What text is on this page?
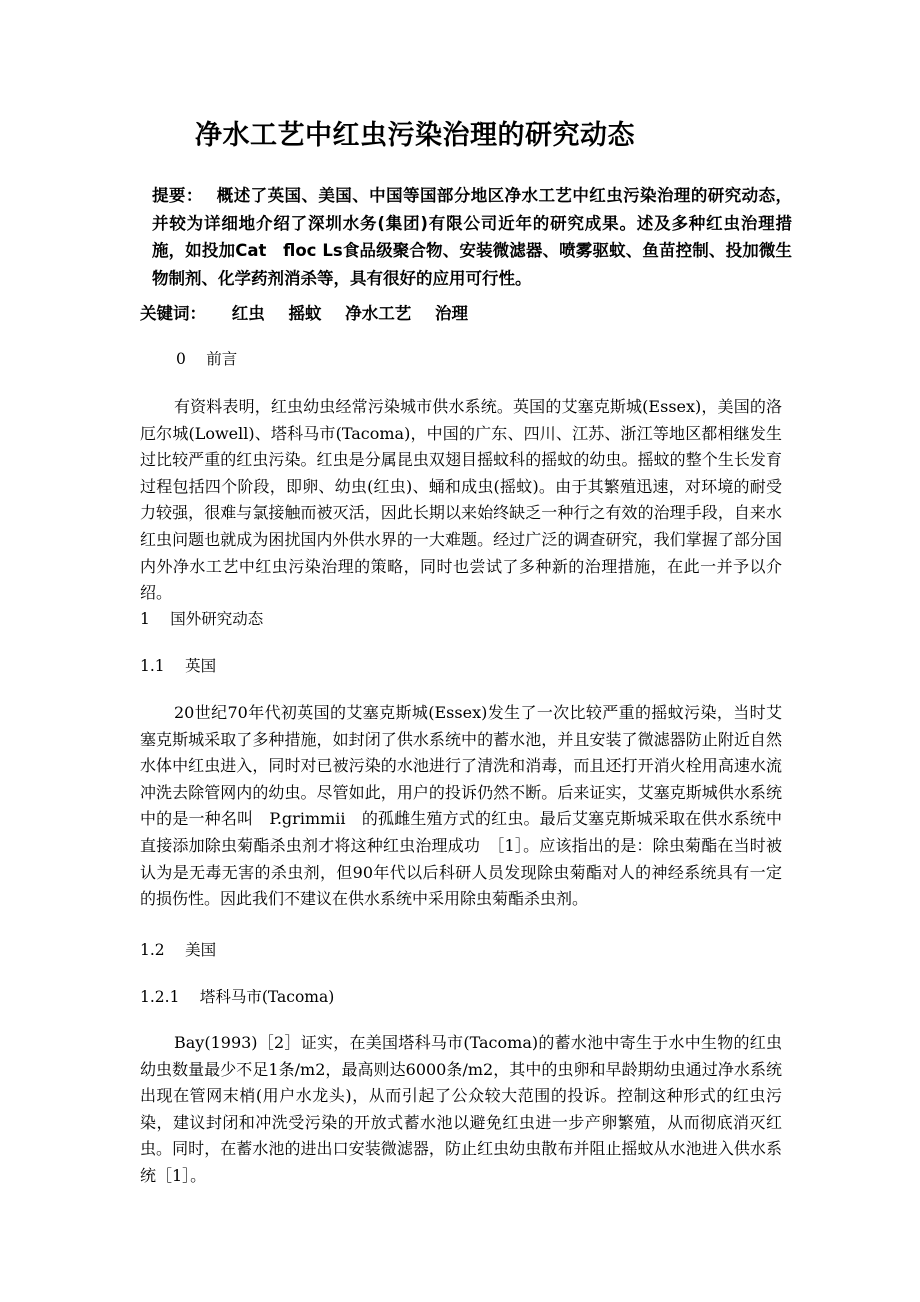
净水工艺中红虫污染治理的研究动态
提要： 概述了英国、美国、中国等国部分地区净水工艺中红虫污染治理的研究动态，并较为详细地介绍了深圳水务(集团)有限公司近年的研究成果。述及多种红虫治理措施，如投加Cat　floc Ls食品级聚合物、安装微滤器、喷雾驱蚊、鱼苗控制、投加微生物制剂、化学药剂消杀等，具有很好的应用可行性。
关键词： 红虫 摇蚊 净水工艺 治理
0　 前言
有资料表明，红虫幼虫经常污染城市供水系统。英国的艾塞克斯城(Essex)，美国的洛厄尔城(Lowell)、塔科马市(Tacoma)，中国的广东、四川、江苏、浙江等地区都相继发生过比较严重的红虫污染。红虫是分属昆虫双翅目摇蚊科的摇蚊的幼虫。摇蚊的整个生长发育过程包括四个阶段，即卵、幼虫(红虫)、蛹和成虫(摇蚊)。由于其繁殖迅速，对环境的耐受力较强，很难与氯接触而被灭活，因此长期以来始终缺乏一种行之有效的治理手段，自来水红虫问题也就成为困扰国内外供水界的一大难题。经过广泛的调查研究，我们掌握了部分国内外净水工艺中红虫污染治理的策略，同时也尝试了多种新的治理措施，在此一并予以介绍。
1　 国外研究动态
1.1　 英国
20世纪70年代初英国的艾塞克斯城(Essex)发生了一次比较严重的摇蚊污染，当时艾塞克斯城采取了多种措施，如封闭了供水系统中的蓄水池，并且安装了微滤器防止附近自然水体中红虫进入，同时对已被污染的水池进行了清洗和消毒，而且还打开消火栓用高速水流冲洗去除管网内的幼虫。尽管如此，用户的投诉仍然不断。后来证实，艾塞克斯城供水系统中的是一种名叫　P.grimmii　的孤雌生殖方式的红虫。最后艾塞克斯城采取在供水系统中直接添加除虫菊酯杀虫剂才将这种红虫治理成功　［1］。应该指出的是：除虫菊酯在当时被认为是无毒无害的杀虫剂，但90年代以后科研人员发现除虫菊酯对人的神经系统具有一定的损伤性。因此我们不建议在供水系统中采用除虫菊酯杀虫剂。
1.2　 美国
1.2.1　 塔科马市(Tacoma)
Bay(1993)［2］证实，在美国塔科马市(Tacoma)的蓄水池中寄生于水中生物的红虫幼虫数量最少不足1条/m2，最高则达6000条/m2，其中的虫卵和早龄期幼虫通过净水系统出现在管网末梢(用户水龙头)，从而引起了公众较大范围的投诉。控制这种形式的红虫污染，建议封闭和冲洗受污染的开放式蓄水池以避免红虫进一步产卵繁殖，从而彻底消灭红虫。同时，在蓄水池的进出口安装微滤器，防止红虫幼虫散布并阻止摇蚊从水池进入供水系统［1］。
